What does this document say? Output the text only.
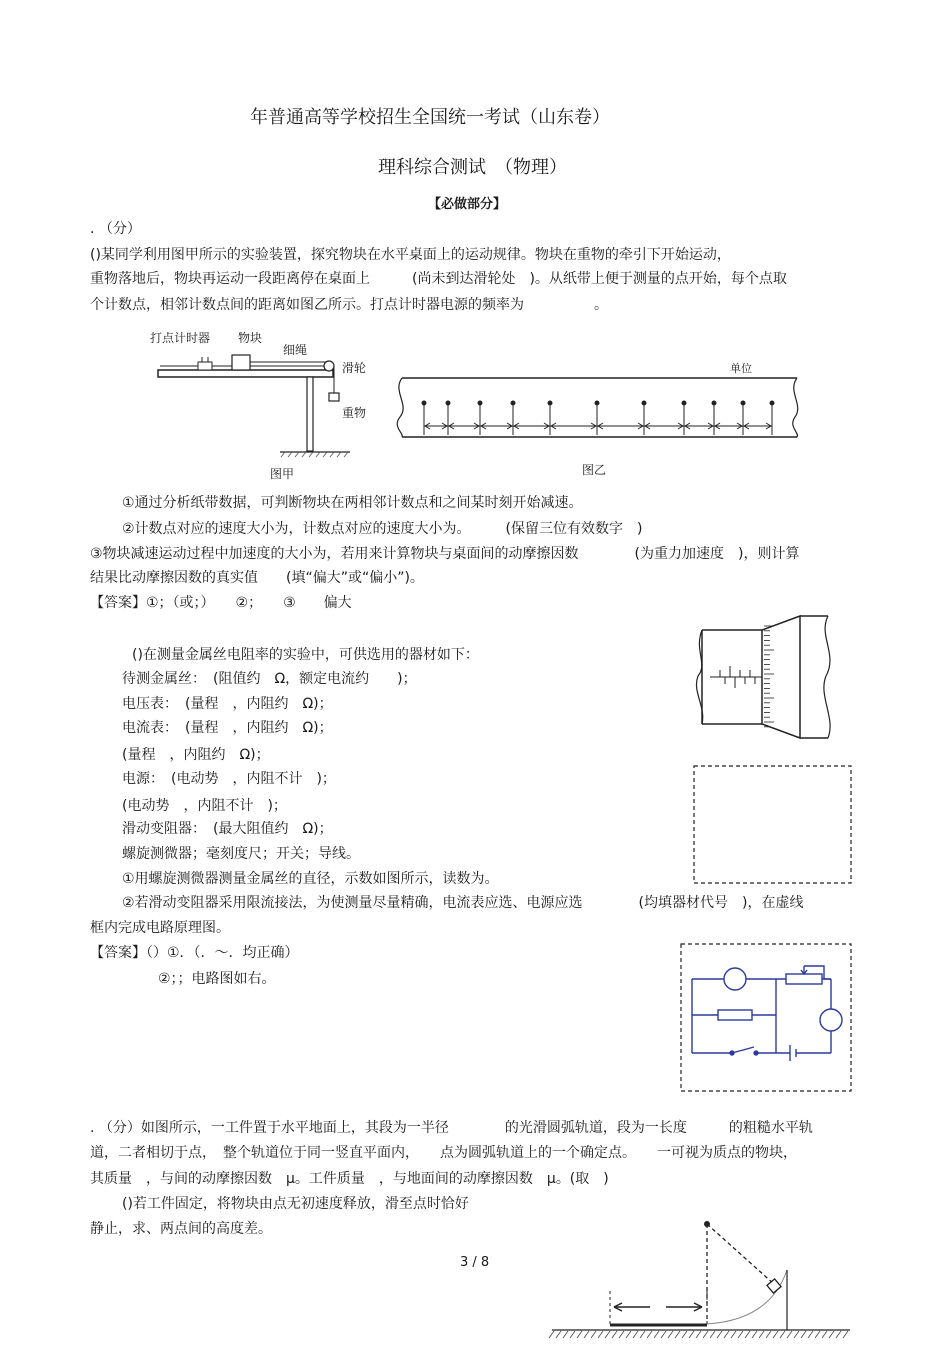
年普通高等学校招生全国统一考试（山东卷）
理科综合测试　（物理）
【必做部分】
. （分）
()某同学利用图甲所示的实验装置，探究物块在水平桌面上的运动规律。物块在重物的牵引下开始运动，
重物落地后，物块再运动一段距离停在桌面上　　　(尚未到达滑轮处　)。从纸带上便于测量的点开始，每个点取
个计数点，相邻计数点间的距离如图乙所示。打点计时器电源的频率为　　　　　。
打点计时器 物块
细绳
滑轮
重物
图甲
单位
图乙
①通过分析纸带数据，可判断物块在两相邻计数点和之间某时刻开始减速。
②计数点对应的速度大小为，计数点对应的速度大小为。　　　(保留三位有效数字　)
③物块减速运动过程中加速度的大小为，若用来计算物块与桌面间的动摩擦因数　　　　(为重力加速度　)，则计算
结果比动摩擦因数的真实值　　(填“偏大”或“偏小”)。
【答案】①；（或；）　　②；　　③　　偏大
()在测量金属丝电阻率的实验中，可供选用的器材如下：
待测金属丝：　(阻值约　Ω，额定电流约　　)；
电压表：　(量程　，内阻约　Ω)；
电流表：　(量程　，内阻约　Ω)；
(量程　，内阻约　Ω)；
电源：　(电动势　，内阻不计　)；
(电动势　，内阻不计　)；
滑动变阻器：　(最大阻值约　Ω)；
螺旋测微器；毫刻度尺；开关；导线。
①用螺旋测微器测量金属丝的直径，示数如图所示，读数为。
②若滑动变阻器采用限流接法，为使测量尽量精确，电流表应选、电源应选　　　　(均填器材代号　)，在虚线
框内完成电路原理图。
【答案】（）①．（．～．均正确）
②；；电路图如右。
. （分）如图所示，一工件置于水平地面上，其段为一半径　　　　的光滑圆弧轨道，段为一长度　　　的粗糙水平轨
道，二者相切于点，　整个轨道位于同一竖直平面内，　　点为圆弧轨道上的一个确定点。　　一可视为质点的物块，
其质量　，与间的动摩擦因数　μ。工件质量　，与地面间的动摩擦因数　μ。(取　)
()若工件固定，将物块由点无初速度释放，滑至点时恰好
静止，求、两点间的高度差。
3 / 8
